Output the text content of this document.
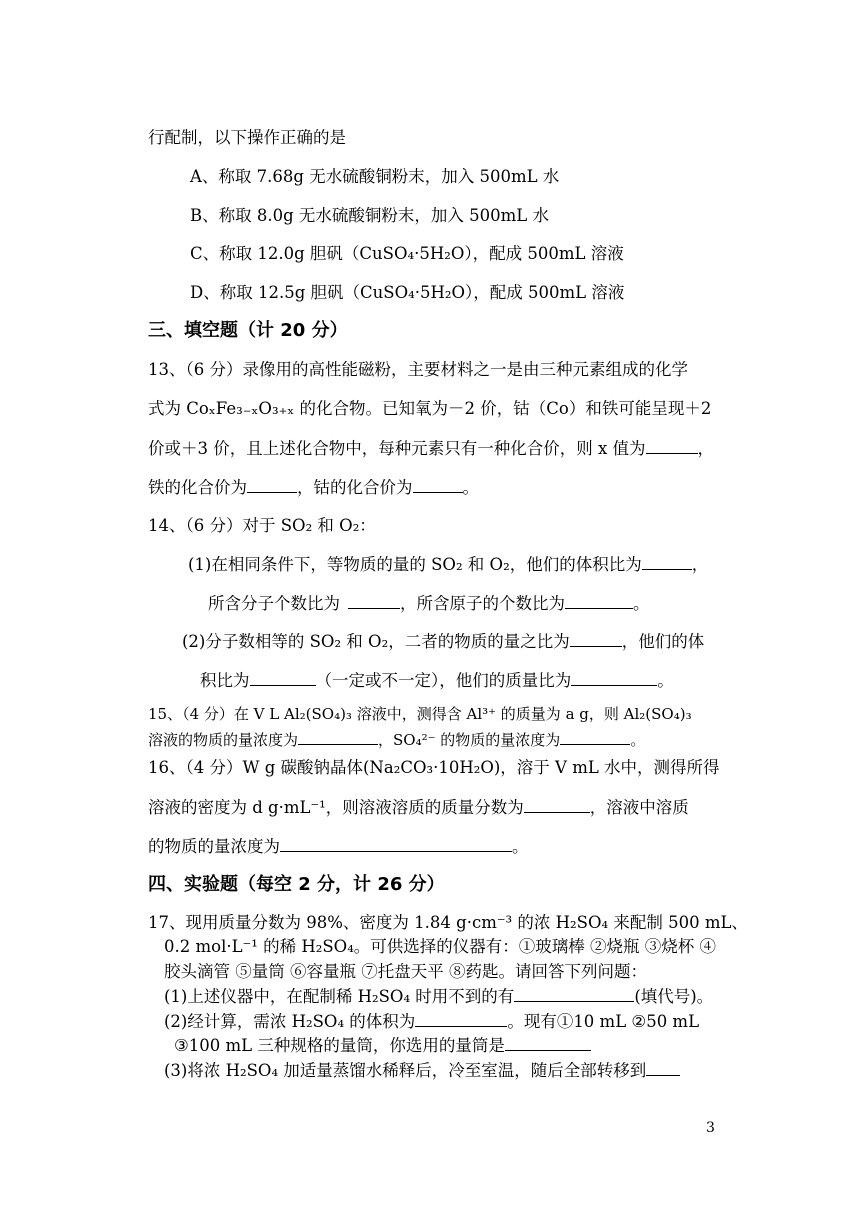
行配制，以下操作正确的是
A、称取 7.68g 无水硫酸铜粉末，加入 500mL 水
B、称取 8.0g 无水硫酸铜粉末，加入 500mL 水
C、称取 12.0g 胆矾（CuSO₄·5H₂O），配成 500mL 溶液
D、称取 12.5g 胆矾（CuSO₄·5H₂O），配成 500mL 溶液
三、填空题（计 20 分）
13、（6 分）录像用的高性能磁粉，主要材料之一是由三种元素组成的化学
式为 CoₓFe₃₋ₓO₃₊ₓ 的化合物。已知氧为－2 价，钴（Co）和铁可能呈现＋2
价或＋3 价，且上述化合物中，每种元素只有一种化合价，则 x 值为	，
铁的化合价为	，钴的化合价为	。
14、（6 分）对于 SO₂ 和 O₂：
(1)在相同条件下，等物质的量的 SO₂ 和 O₂，他们的体积比为	，
所含分子个数比为	，所含原子的个数比为	。
(2)分子数相等的 SO₂ 和 O₂，二者的物质的量之比为	，他们的体
积比为	（一定或不一定），他们的质量比为	。
15、（4 分）在 V L Al₂(SO₄)₃ 溶液中，测得含 Al³⁺ 的质量为 a g，则 Al₂(SO₄)₃
溶液的物质的量浓度为	，SO₄²⁻ 的物质的量浓度为	。
16、（4 分）W g 碳酸钠晶体(Na₂CO₃·10H₂O)，溶于 V mL 水中，测得所得
溶液的密度为 d g·mL⁻¹，则溶液溶质的质量分数为	，溶液中溶质
的物质的量浓度为	。
四、实验题（每空 2 分，计 26 分）
17、现用质量分数为 98%、密度为 1.84 g·cm⁻³ 的浓 H₂SO₄ 来配制 500 mL、
0.2 mol·L⁻¹ 的稀 H₂SO₄。可供选择的仪器有：①玻璃棒 ②烧瓶 ③烧杯 ④
胶头滴管 ⑤量筒 ⑥容量瓶 ⑦托盘天平 ⑧药匙。请回答下列问题：
(1)上述仪器中，在配制稀 H₂SO₄ 时用不到的有	(填代号)。
(2)经计算，需浓 H₂SO₄ 的体积为	。现有①10 mL ②50 mL
③100 mL 三种规格的量筒，你选用的量筒是
(3)将浓 H₂SO₄ 加适量蒸馏水稀释后，冷至室温，随后全部转移到
3
